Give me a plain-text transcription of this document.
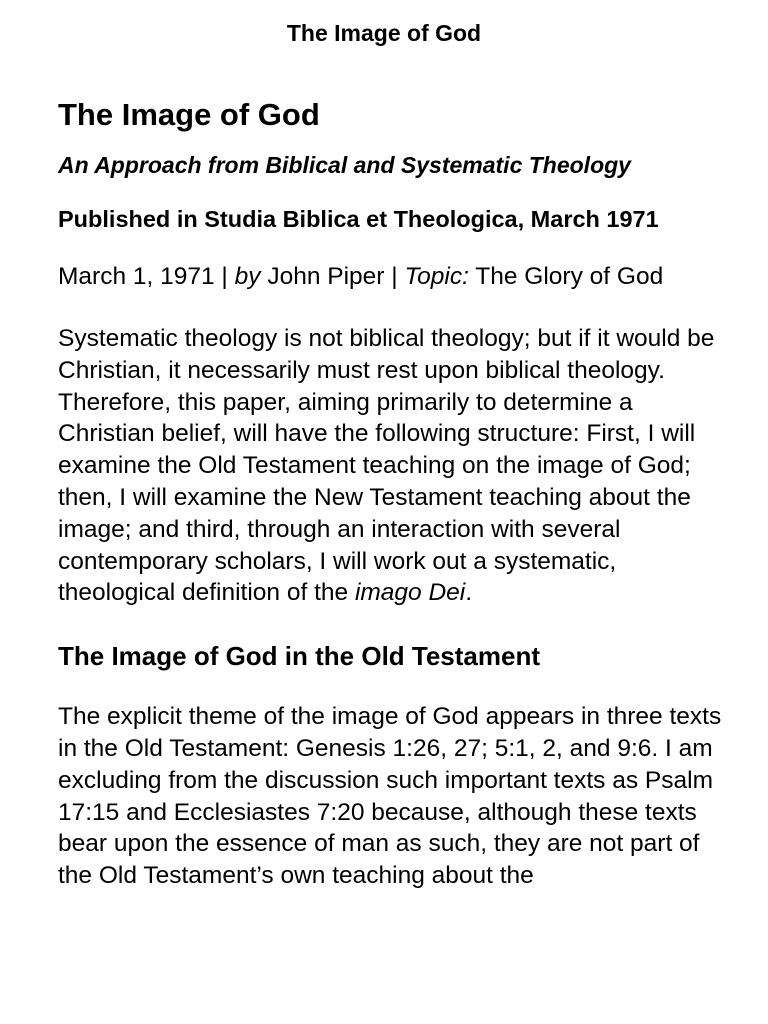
The Image of God
The Image of God

An Approach from Biblical and Systematic Theology

Published in Studia Biblica et Theologica, March 1971

March 1, 1971 | by John Piper | Topic: The Glory of God

Systematic theology is not biblical theology; but if it would be Christian, it necessarily must rest upon biblical theology. Therefore, this paper, aiming primarily to determine a Christian belief, will have the following structure: First, I will examine the Old Testament teaching on the image of God; then, I will examine the New Testament teaching about the image; and third, through an interaction with several contemporary scholars, I will work out a systematic, theological definition of the imago Dei.

The Image of God in the Old Testament

The explicit theme of the image of God appears in three texts in the Old Testament: Genesis 1:26, 27; 5:1, 2, and 9:6. I am excluding from the discussion such important texts as Psalm 17:15 and Ecclesiastes 7:20 because, although these texts bear upon the essence of man as such, they are not part of the Old Testament’s own teaching about the
